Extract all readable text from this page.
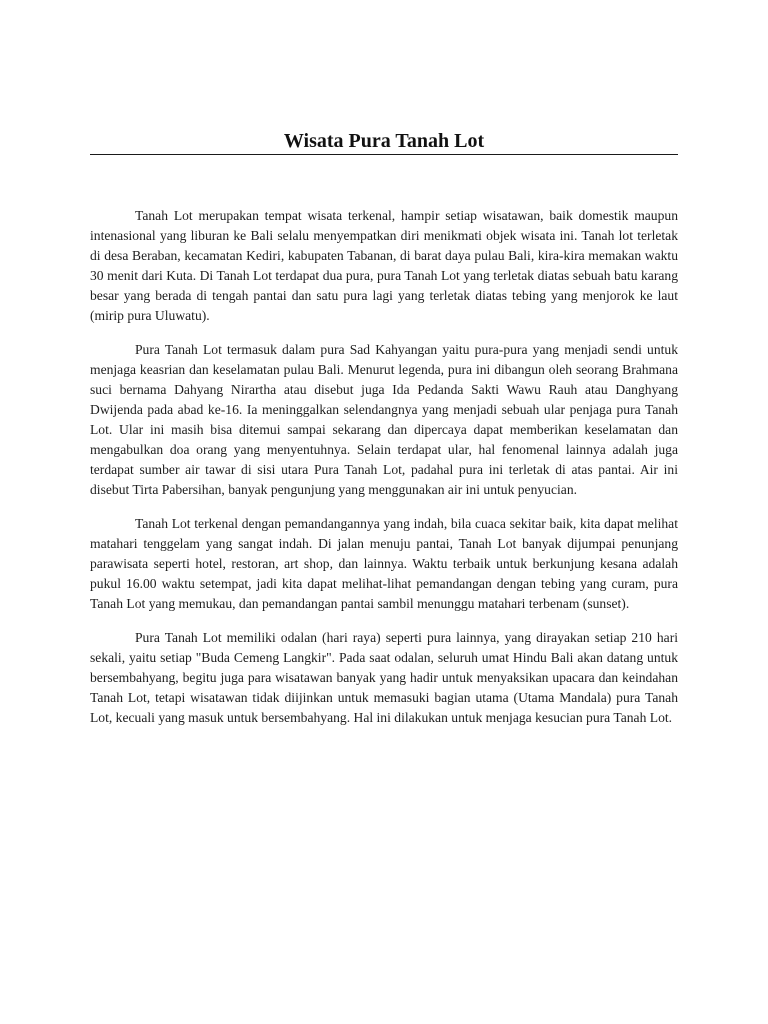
Wisata Pura Tanah Lot

Tanah Lot merupakan tempat wisata terkenal, hampir setiap wisatawan, baik domestik maupun intenasional yang liburan ke Bali selalu menyempatkan diri menikmati objek wisata ini. Tanah lot terletak di desa Beraban, kecamatan Kediri, kabupaten Tabanan, di barat daya pulau Bali, kira-kira memakan waktu 30 menit dari Kuta. Di Tanah Lot terdapat dua pura, pura Tanah Lot yang terletak diatas sebuah batu karang besar yang berada di tengah pantai dan satu pura lagi yang terletak diatas tebing yang menjorok ke laut (mirip pura Uluwatu).

Pura Tanah Lot termasuk dalam pura Sad Kahyangan yaitu pura-pura yang menjadi sendi untuk menjaga keasrian dan keselamatan pulau Bali. Menurut legenda, pura ini dibangun oleh seorang Brahmana suci bernama Dahyang Nirartha atau disebut juga Ida Pedanda Sakti Wawu Rauh atau Danghyang Dwijenda pada abad ke-16. Ia meninggalkan selendangnya yang menjadi sebuah ular penjaga pura Tanah Lot. Ular ini masih bisa ditemui sampai sekarang dan dipercaya dapat memberikan keselamatan dan mengabulkan doa orang yang menyentuhnya. Selain terdapat ular, hal fenomenal lainnya adalah juga terdapat sumber air tawar di sisi utara Pura Tanah Lot, padahal pura ini terletak di atas pantai. Air ini disebut Tirta Pabersihan, banyak pengunjung yang menggunakan air ini untuk penyucian.

Tanah Lot terkenal dengan pemandangannya yang indah, bila cuaca sekitar baik, kita dapat melihat matahari tenggelam yang sangat indah. Di jalan menuju pantai, Tanah Lot banyak dijumpai penunjang parawisata seperti hotel, restoran, art shop, dan lainnya. Waktu terbaik untuk berkunjung kesana adalah pukul 16.00 waktu setempat, jadi kita dapat melihat-lihat pemandangan dengan tebing yang curam, pura Tanah Lot yang memukau, dan pemandangan pantai sambil menunggu matahari terbenam (sunset).

Pura Tanah Lot memiliki odalan (hari raya) seperti pura lainnya, yang dirayakan setiap 210 hari sekali, yaitu setiap "Buda Cemeng Langkir". Pada saat odalan, seluruh umat Hindu Bali akan datang untuk bersembahyang, begitu juga para wisatawan banyak yang hadir untuk menyaksikan upacara dan keindahan Tanah Lot, tetapi wisatawan tidak diijinkan untuk memasuki bagian utama (Utama Mandala) pura Tanah Lot, kecuali yang masuk untuk bersembahyang. Hal ini dilakukan untuk menjaga kesucian pura Tanah Lot.
